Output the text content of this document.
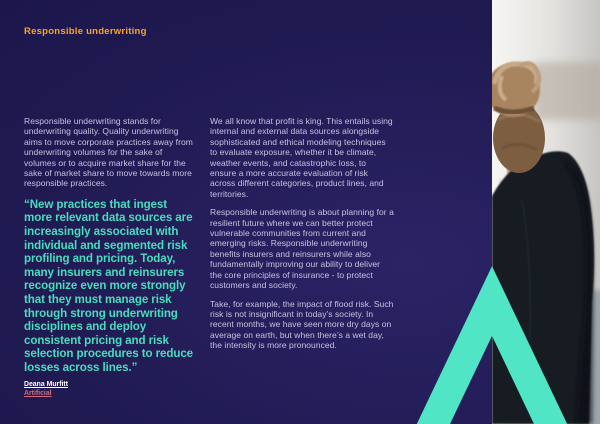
Responsible underwriting

Responsible underwriting stands for underwriting quality. Quality underwriting aims to move corporate practices away from underwriting volumes for the sake of volumes or to acquire market share for the sake of market share to move towards more responsible practices.

“New practices that ingest more relevant data sources are increasingly associated with individual and segmented risk profiling and pricing. Today, many insurers and reinsurers recognize even more strongly that they must manage risk through strong underwriting disciplines and deploy consistent pricing and risk selection procedures to reduce losses across lines.”
Deana Murfitt
Artificial

We all know that profit is king. This entails using internal and external data sources alongside sophisticated and ethical modeling techniques to evaluate exposure, whether it be climate, weather events, and catastrophic loss, to ensure a more accurate evaluation of risk across different categories, product lines, and territories.

Responsible underwriting is about planning for a resilient future where we can better protect vulnerable communities from current and emerging risks. Responsible underwriting benefits insurers and reinsurers while also fundamentally improving our ability to deliver the core principles of insurance - to protect customers and society.

Take, for example, the impact of flood risk. Such risk is not insignificant in today’s society. In recent months, we have seen more dry days on average on earth, but when there’s a wet day, the intensity is more pronounced.
